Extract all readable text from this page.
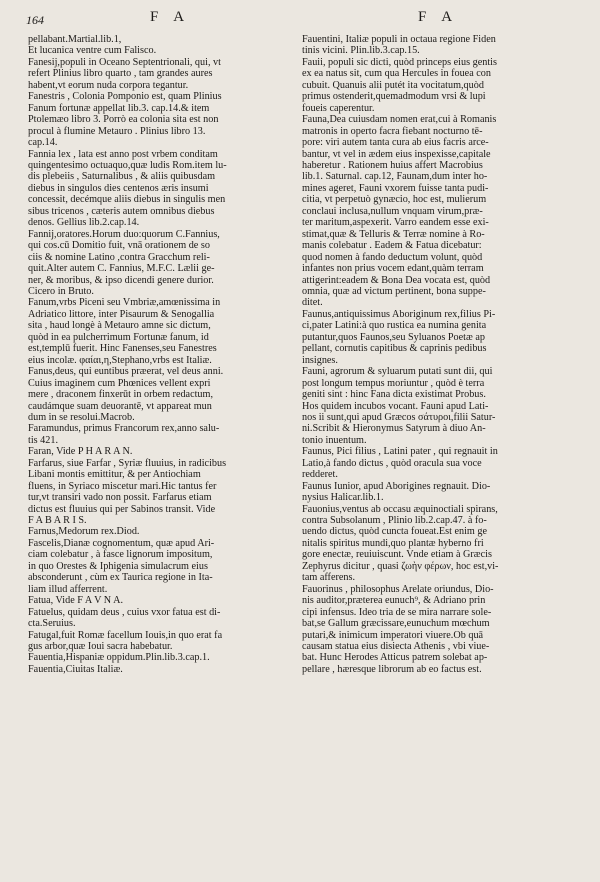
164	F A	F A
pellabant.Martial.lib.1,
Et lucanica ventre cum Falisco.
Fanesij,populi in Oceano Septentrionali, qui, vt
refert Plinius libro quarto , tam grandes aures
habent,vt eorum nuda corpora tegantur.
Fanestris , Colonia Pomponio est, quam Plinius
Fanum fortunæ appellat lib.3. cap.14.& item
Ptolemæo libro 3. Porrò ea colonia sita est non
procul à flumine Metauro . Plinius libro 13.
cap.14.
Fannia lex , lata est anno post vrbem conditam
quingentesimo octuaquo,quæ ludis Rom.item lu-
dis plebeiis , Saturnalibus , & aliis quibusdam
diebus in singulos dies centenos æris insumi
concessit, decémque aliis diebus in singulis men
sibus tricenos , cæteris autem omnibus diebus
denos. Gellius lib.2.cap.14.
Fannij,oratores.Horum duo:quorum C.Fannius,
qui cos.cū Domitio fuit, vnā orationem de so
ciis & nomine Latino ,contra Gracchum reli-
quit.Alter autem C. Fannius, M.F.C. Lælii ge-
ner, & moribus, & ipso dicendi genere durior.
Cicero in Bruto.
Fanum,vrbs Piceni seu Vmbriæ,amœnissima in
Adriatico littore, inter Pisaurum & Senogallia
sita , haud longè à Metauro amne sic dictum,
quòd in ea pulcherrimum Fortunæ fanum, id
est,templū fuerit. Hinc Fanenses,seu Fanestres
eius incolæ. φαίαι,η,Stephano,vrbs est Italiæ.
Fanus,deus, qui euntibus præerat, vel deus anni.
Cuius imaginem cum Phœnices vellent expri
mere , draconem finxerūt in orbem redactum,
caudámque suam deuorantē, vt appareat mun
dum in se resolui.Macrob.
Faramundus, primus Francorum rex,anno salu-
tis 421.
Faran, Vide P H A R A N.
Farfarus, siue Farfar , Syriæ fluuius, in radicibus
Libani montis emittitur, & per Antiochiam
fluens, in Syriaco miscetur mari.Hic tantus fer
tur,vt transiri vado non possit. Farfarus etiam
dictus est fluuius qui per Sabinos transit. Vide
F A B A R I S.
Farnus,Medorum rex.Diod.
Fascelis,Dianæ cognomentum, quæ apud Ari-
ciam colebatur , à fasce lignorum impositum,
in quo Orestes & Iphigenia simulacrum eius
absconderunt , cùm ex Taurica regione in Ita-
liam illud afferrent.
Fatua, Vide F A V N A.
Fatuelus, quidam deus , cuius vxor fatua est di-
cta.Seruius.
Fatugal,fuit Romæ facellum Iouis,in quo erat fa
gus arbor,quæ Ioui sacra habebatur.
Fauentia,Hispaniæ oppidum.Plin.lib.3.cap.1.
Fauentia,Ciuitas Italiæ.
Fauentini, Italiæ populi in octaua regione Fiden
tinis vicini. Plin.lib.3.cap.15.
Fauii, populi sic dicti, quòd princeps eius gentis
ex ea natus sit, cum qua Hercules in fouea con
cubuit. Quanuis alii putét ita vocitatum,quòd
primus ostenderit,quemadmodum vrsi & lupi
foueis caperentur.
Fauna,Dea cuiusdam nomen erat,cui à Romanis
matronis in operto facra fiebant nocturno tē-
pore: viri autem tanta cura ab eius facris arce-
bantur, vt vel in ædem eius inspexisse,capitale
haberetur . Rationem huius affert Macrobius
lib.1. Saturnal. cap.12, Faunam,dum inter ho-
mines ageret, Fauni vxorem fuisse tanta pudi-
citia, vt perpetuò gynæcio, hoc est, mulierum
conclaui inclusa,nullum vnquam virum,præ-
ter maritum,aspexerit. Varro eandem esse exi-
stimat,quæ & Telluris & Terræ nomine à Ro-
manis colebatur . Eadem & Fatua dicebatur:
quod nomen à fando deductum volunt, quòd
infantes non prius vocem edant,quàm terram
attigerint:eadem & Bona Dea vocata est, quòd
omnia, quæ ad victum pertinent, bona suppe-
ditet.
Faunus,antiquissimus Aboriginum rex,filius Pi-
ci,pater Latini:à quo rustica ea numina genita
putantur,quos Faunos,seu Syluanos Poetæ ap
pellant, cornutis capitibus & caprinis pedibus
insignes.
Fauni, agrorum & syluarum putati sunt dii, qui
post longum tempus moriuntur , quòd è terra
geniti sint : hinc Fana dicta existimat Probus.
Hos quidem incubos vocant. Fauni apud Lati-
nos ii sunt,qui apud Græcos σάτυροι,filii Satur-
ni.Scribit & Hieronymus Satyrum à diuo An-
tonio inuentum.
Faunus, Pici filius , Latini pater , qui regnauit in
Latio,à fando dictus , quòd oracula sua voce
redderet.
Faunus Iunior, apud Aborigines regnauit. Dio-
nysius Halicar.lib.1.
Fauonius,ventus ab occasu æquinoctiali spirans,
contra Subsolanum , Plinio lib.2.cap.47. à fo-
uendo dictus, quòd cuncta foueat.Est enim ge
nitalis spiritus mundi,quo plantæ hyberno fri
gore enectæ, reuiuiscunt. Vnde etiam à Græcis
Zephyrus dicitur , quasi ζωὴν φέρων, hoc est,vi-
tam afferens.
Fauorinus , philosophus Arelate oriundus, Dio-
nis auditor,præterea eunuch⁹, & Adriano prin
cipi infensus. Ideo tria de se mira narrare sole-
bat,se Gallum græcissare,eunuchum mœchum
putari,& inimicum imperatori viuere.Ob quā
causam statua eius disiecta Athenis , vbi viue-
bat. Hunc Herodes Atticus patrem solebat ap-
pellare , hæresque librorum ab eo factus est.
